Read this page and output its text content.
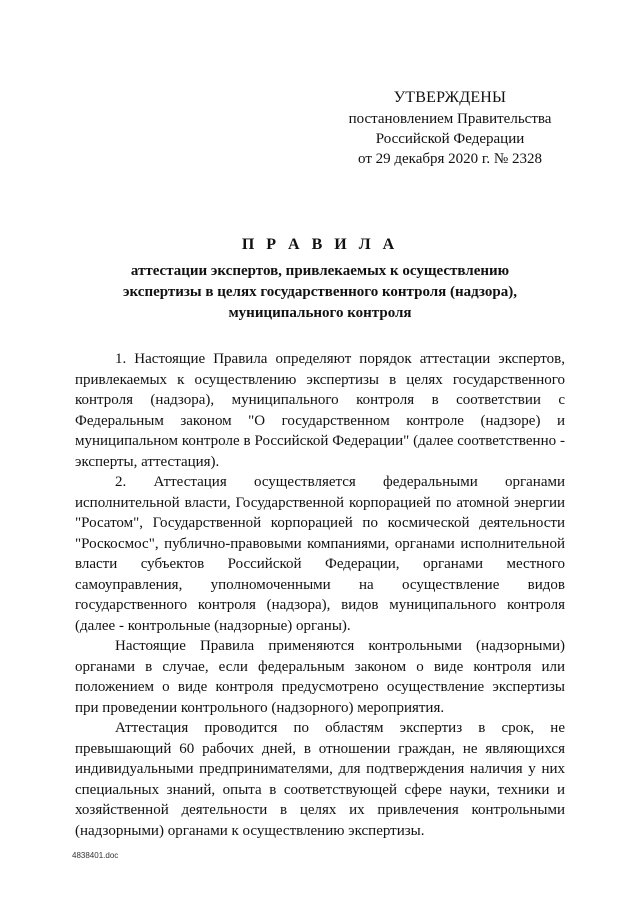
УТВЕРЖДЕНЫ
постановлением Правительства
Российской Федерации
от 29 декабря 2020 г. № 2328
П Р А В И Л А
аттестации экспертов, привлекаемых к осуществлению экспертизы в целях государственного контроля (надзора), муниципального контроля

1. Настоящие Правила определяют порядок аттестации экспертов, привлекаемых к осуществлению экспертизы в целях государственного контроля (надзора), муниципального контроля в соответствии с Федеральным законом "О государственном контроле (надзоре) и муниципальном контроле в Российской Федерации" (далее соответственно - эксперты, аттестация).

2. Аттестация осуществляется федеральными органами исполнительной власти, Государственной корпорацией по атомной энергии "Росатом", Государственной корпорацией по космической деятельности "Роскосмос", публично-правовыми компаниями, органами исполнительной власти субъектов Российской Федерации, органами местного самоуправления, уполномоченными на осуществление видов государственного контроля (надзора), видов муниципального контроля (далее - контрольные (надзорные) органы).

Настоящие Правила применяются контрольными (надзорными) органами в случае, если федеральным законом о виде контроля или положением о виде контроля предусмотрено осуществление экспертизы при проведении контрольного (надзорного) мероприятия.

Аттестация проводится по областям экспертиз в срок, не превышающий 60 рабочих дней, в отношении граждан, не являющихся индивидуальными предпринимателями, для подтверждения наличия у них специальных знаний, опыта в соответствующей сфере науки, техники и хозяйственной деятельности в целях их привлечения контрольными (надзорными) органами к осуществлению экспертизы.

4838401.doc
